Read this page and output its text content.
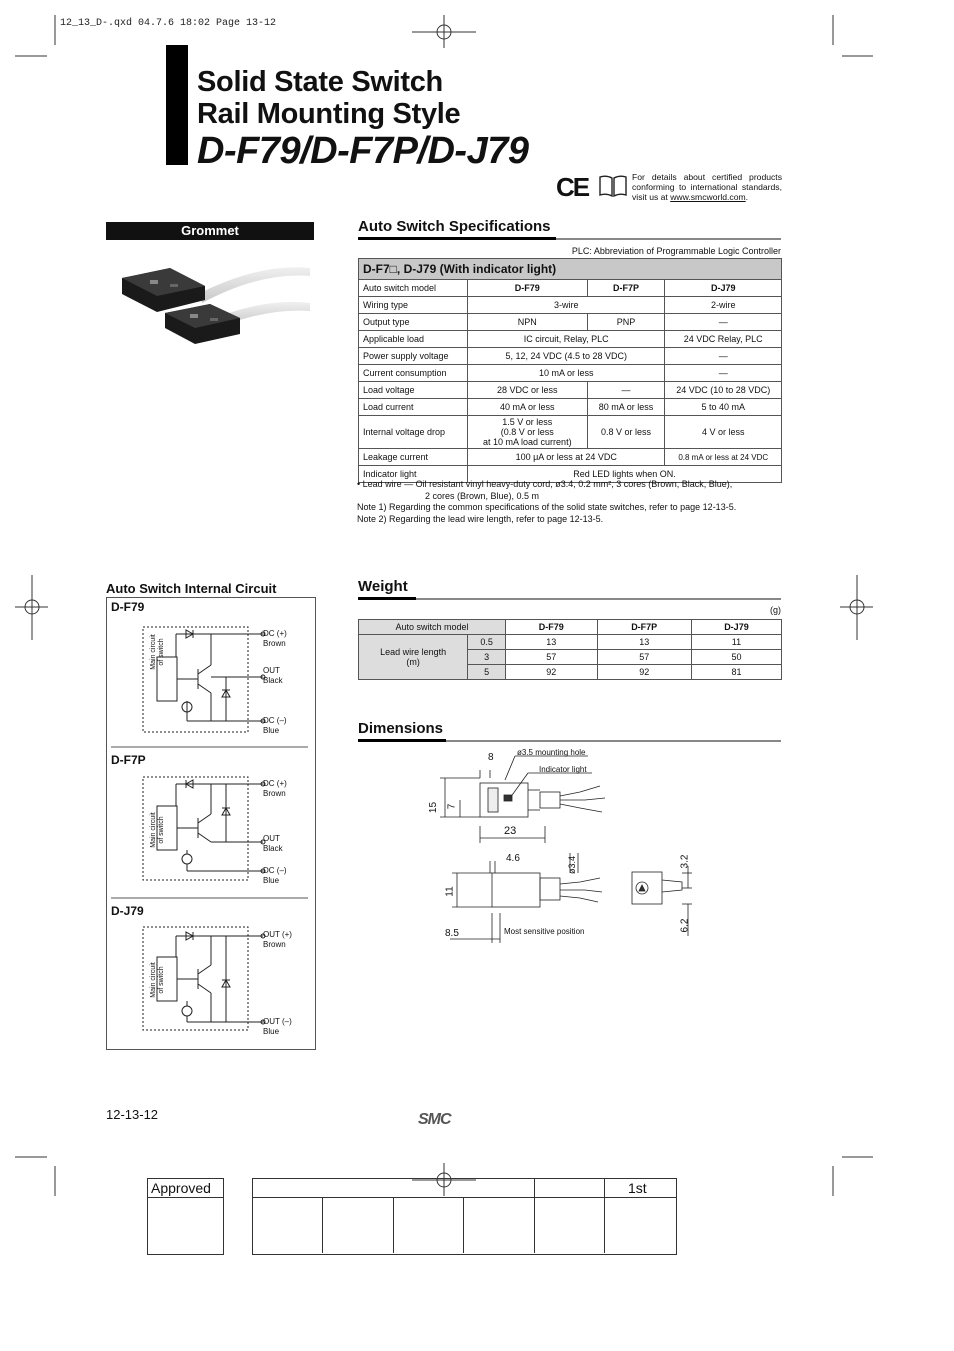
12_13_D-.qxd 04.7.6 18:02 Page 13-12
Solid State Switch
Rail Mounting Style
D-F79/D-F7P/D-J79
CE	For details about certified products conforming to international standards, visit us at www.smcworld.com.
Grommet	Auto Switch Specifications
PLC: Abbreviation of Programmable Logic Controller
D-F7□, D-J79 (With indicator light)			
Auto switch model	D-F79	D-F7P	D-J79
Wiring type	3-wire		2-wire
Output type	NPN	PNP	—
Applicable load	IC circuit, Relay, PLC		24 VDC Relay, PLC
Power supply voltage	5, 12, 24 VDC (4.5 to 28 VDC)		—
Current consumption	10 mA or less		—
Load voltage	28 VDC or less	—	24 VDC (10 to 28 VDC)
Load current	40 mA or less	80 mA or less	5 to 40 mA
Internal voltage drop	1.5 V or less
(0.8 V or less
at 10 mA load current)	0.8 V or less	4 V or less
Leakage current	100 μA or less at 24 VDC		0.8 mA or less at 24 VDC
Indicator light	Red LED lights when ON.		
• Lead wire — Oil resistant vinyl heavy-duty cord, ø3.4, 0.2 mm², 3 cores (Brown, Black, Blue),
2 cores (Brown, Blue), 0.5 m
Note 1) Regarding the common specifications of the solid state switches, refer to page 12-13-5.
Note 2) Regarding the lead wire length, refer to page 12-13-5.
Auto Switch Internal Circuit
D-F79
D-F7P
D-J79
Main circuit of switch
DC (+)
Brown
OUT
Black
DC (–)
Blue
Main circuit of switch
DC (+)
Brown
OUT
Black
DC (–)
Blue
Main circuit of switch
OUT (+)
Brown
OUT (–)
Blue
Weight
(g)
Auto switch model		D-F79	D-F7P	D-J79

Lead wire length
(m)	0.5	13	13	11
	3	57	57	50
	5	92	92	81
Dimensions
ø3.5 mounting hole
Indicator light
8
15 7
23
4.6	ø3.4
11
8.5	Most sensitive position
3.2
6.2
12-13-12	SMC
Approved	1st
